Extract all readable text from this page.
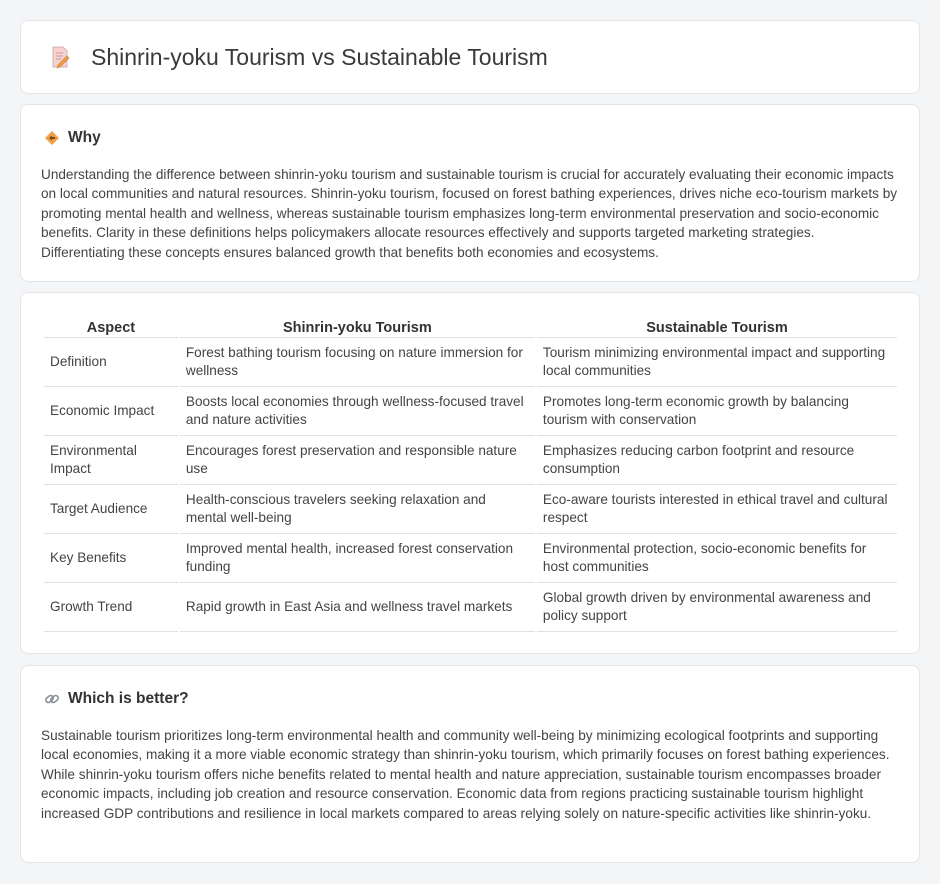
Shinrin-yoku Tourism vs Sustainable Tourism
Why

Understanding the difference between shinrin-yoku tourism and sustainable tourism is crucial for accurately evaluating their economic impacts on local communities and natural resources. Shinrin-yoku tourism, focused on forest bathing experiences, drives niche eco-tourism markets by promoting mental health and wellness, whereas sustainable tourism emphasizes long-term environmental preservation and socio-economic benefits. Clarity in these definitions helps policymakers allocate resources effectively and supports targeted marketing strategies. Differentiating these concepts ensures balanced growth that benefits both economies and ecosystems.

Aspect	Shinrin-yoku Tourism	Sustainable Tourism
Definition	Forest bathing tourism focusing on nature immersion for wellness	Tourism minimizing environmental impact and supporting local communities
Economic Impact	Boosts local economies through wellness-focused travel and nature activities	Promotes long-term economic growth by balancing tourism with conservation
Environmental Impact	Encourages forest preservation and responsible nature use	Emphasizes reducing carbon footprint and resource consumption
Target Audience	Health-conscious travelers seeking relaxation and mental well-being	Eco-aware tourists interested in ethical travel and cultural respect
Key Benefits	Improved mental health, increased forest conservation funding	Environmental protection, socio-economic benefits for host communities
Growth Trend	Rapid growth in East Asia and wellness travel markets	Global growth driven by environmental awareness and policy support
Which is better?

Sustainable tourism prioritizes long-term environmental health and community well-being by minimizing ecological footprints and supporting local economies, making it a more viable economic strategy than shinrin-yoku tourism, which primarily focuses on forest bathing experiences. While shinrin-yoku tourism offers niche benefits related to mental health and nature appreciation, sustainable tourism encompasses broader economic impacts, including job creation and resource conservation. Economic data from regions practicing sustainable tourism highlight increased GDP contributions and resilience in local markets compared to areas relying solely on nature-specific activities like shinrin-yoku.
